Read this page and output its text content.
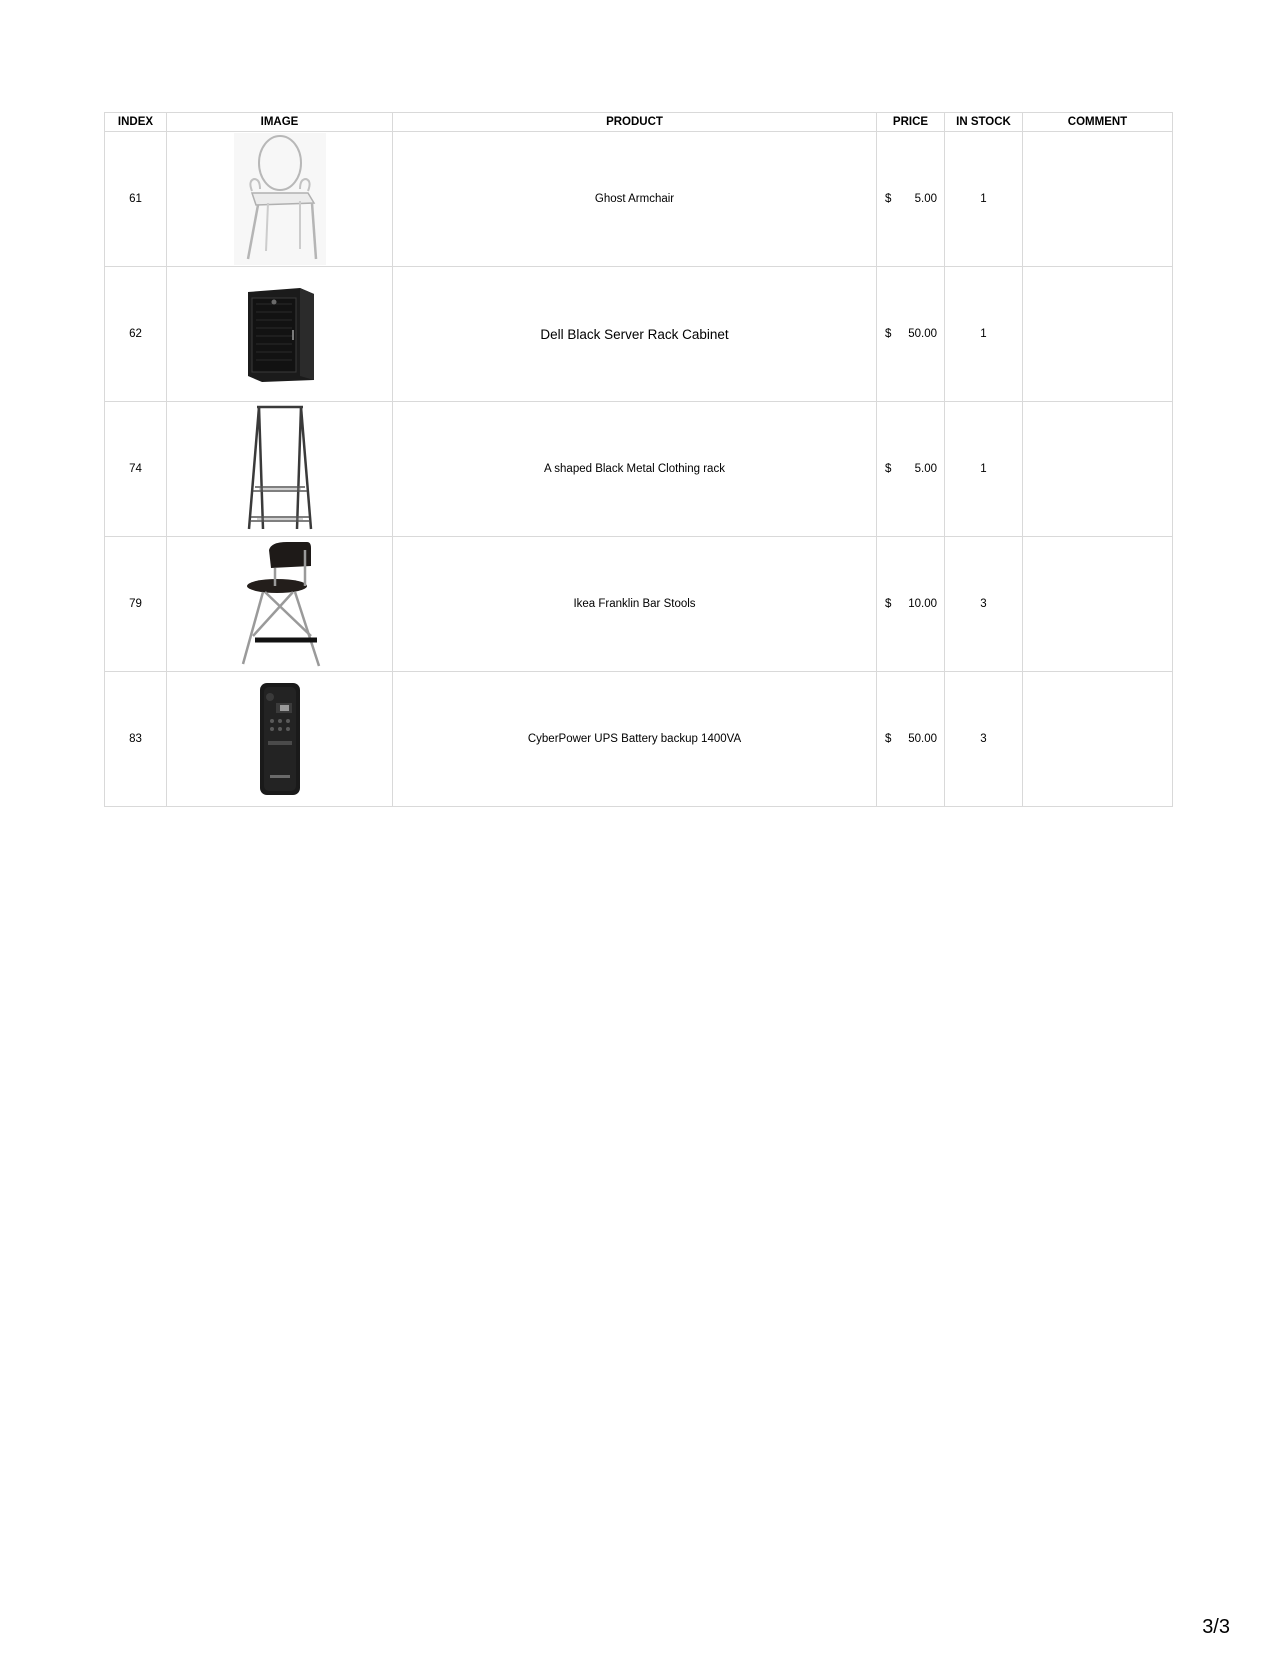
INDEX	IMAGE	PRODUCT	PRICE	IN STOCK	COMMENT
61		Ghost Armchair	$ 5.00	1	
62		Dell Black Server Rack Cabinet	$ 50.00	1	
74		A shaped Black Metal Clothing rack	$ 5.00	1	
79		Ikea Franklin Bar Stools	$ 10.00	3	
83		CyberPower UPS Battery backup 1400VA	$ 50.00	3	
3/3
